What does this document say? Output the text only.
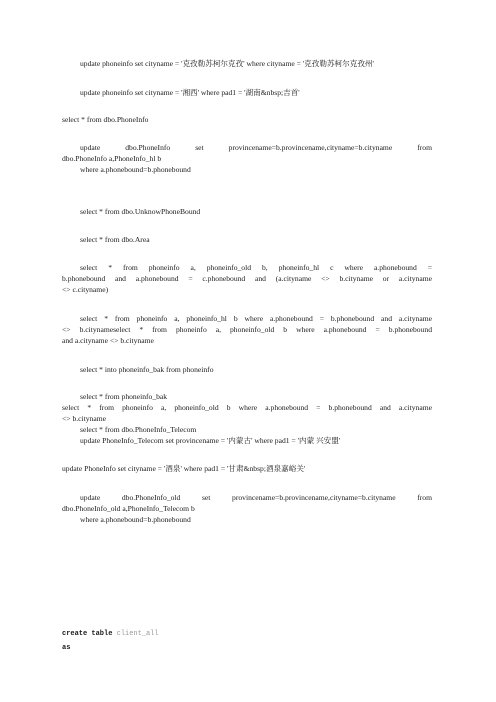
update phoneinfo set cityname = '克孜勒苏柯尔克孜' where cityname = '克孜勒苏柯尔克孜州'
update phoneinfo set cityname = '湘西' where pad1 = '湖南&nbsp;吉首'
select * from dbo.PhoneInfo
update dbo.PhoneInfo set provincename=b.provincename,cityname=b.cityname from
dbo.PhoneInfo a,PhoneInfo_hl b
where a.phonebound=b.phonebound
select * from dbo.UnknowPhoneBound
select * from dbo.Area
select * from phoneinfo a, phoneinfo_old b, phoneinfo_hl c where a.phonebound =
b.phonebound and a.phonebound = c.phonebound and (a.cityname <> b.cityname or a.cityname
<> c.cityname)
select * from phoneinfo a, phoneinfo_hl b where a.phonebound = b.phonebound and a.cityname
<> b.citynameselect * from phoneinfo a, phoneinfo_old b where a.phonebound = b.phonebound
and a.cityname <> b.cityname
select * into phoneinfo_bak from phoneinfo
select * from phoneinfo_bak
select * from phoneinfo a, phoneinfo_old b where a.phonebound = b.phonebound and a.cityname
<> b.cityname
select * from dbo.PhoneInfo_Telecom
update PhoneInfo_Telecom set provincename = '内蒙古' where pad1 = '内蒙 兴安盟'
update PhoneInfo set cityname = '酒泉' where pad1 = '甘肃&nbsp;酒泉嘉峪关'
update dbo.PhoneInfo_old set provincename=b.provincename,cityname=b.cityname from
dbo.PhoneInfo_old a,PhoneInfo_Telecom b
where a.phonebound=b.phonebound
create table client_all
as
